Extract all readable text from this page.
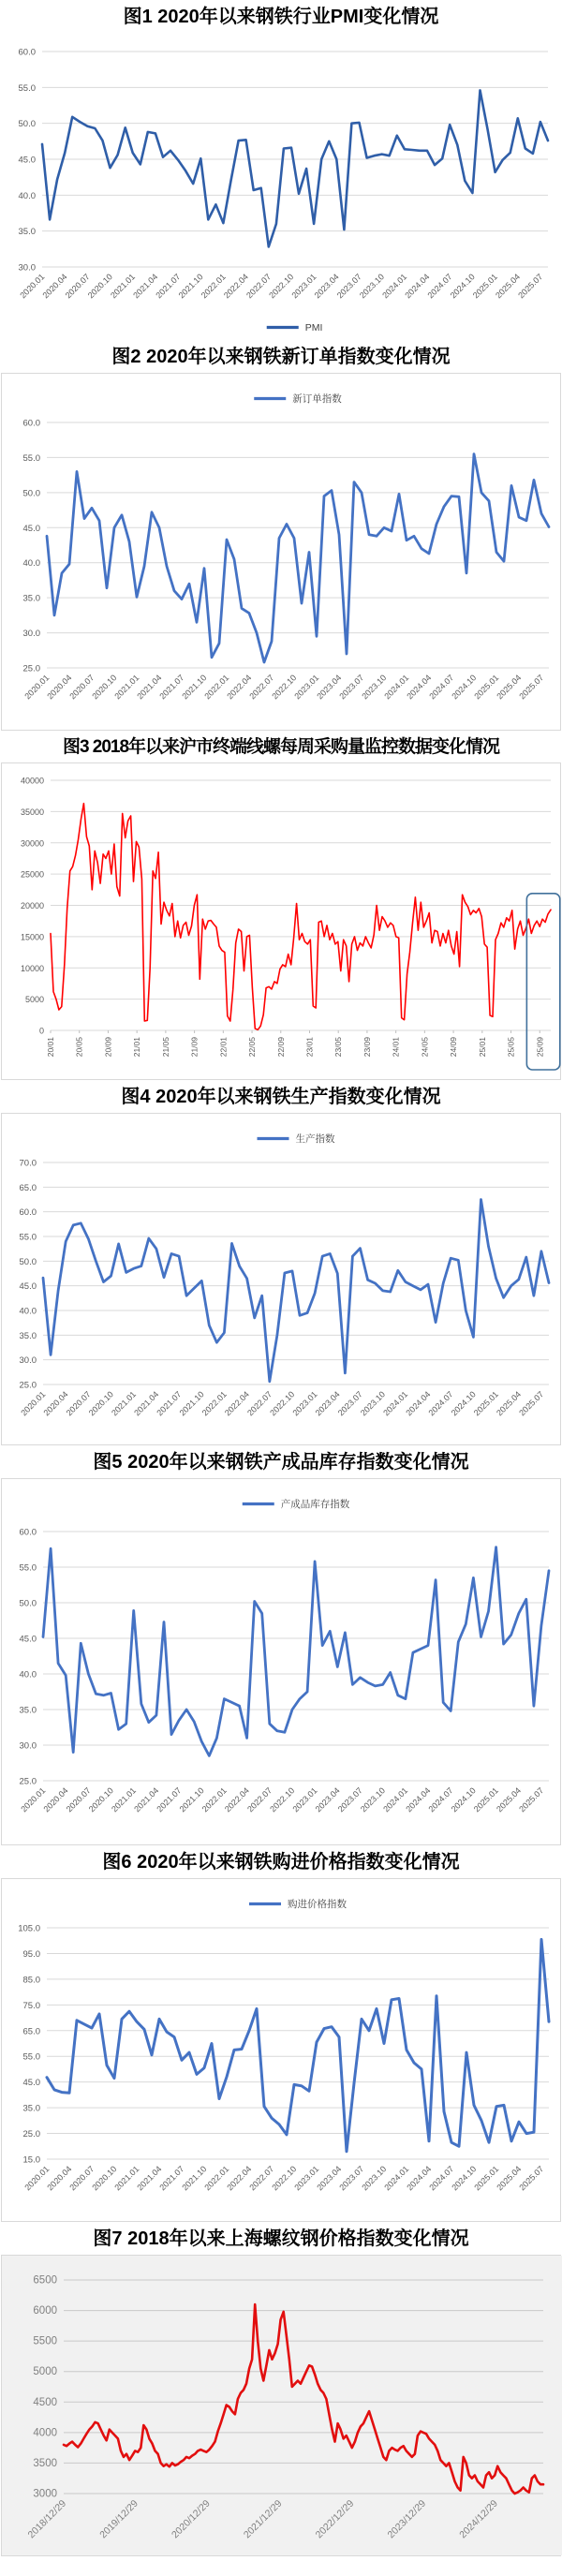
图1 2020年以来钢铁行业PMI变化情况
60.0
55.0
50.0
45.0
40.0
35.0
30.0
2020.01
2020.04
2020.07
2020.10
2021.01
2021.04
2021.07
2021.10
2022.01
2022.04
2022.07
2022.10
2023.01
2023.04
2023.07
2023.10
2024.01
2024.04
2024.07
2024.10
2025.01
2025.04
2025.07
PMI
图2 2020年以来钢铁新订单指数变化情况
60.0
55.0
50.0
45.0
40.0
35.0
30.0
25.0
2020.01
2020.04
2020.07
2020.10
2021.01
2021.04
2021.07
2021.10
2022.01
2022.04
2022.07
2022.10
2023.01
2023.04
2023.07
2023.10
2024.01
2024.04
2024.07
2024.10
2025.01
2025.04
2025.07
新订单指数
图3 2018年以来沪市终端线螺每周采购量监控数据变化情况
40000
35000
30000
25000
20000
15000
10000
5000
0
20/01 20/05 20/09 21/01 21/05 21/09 22/01 22/05 22/09 23/01 23/05 23/09 24/01 24/05 24/09 25/01 25/05 25/09
图4 2020年以来钢铁生产指数变化情况
70.0
65.0
60.0
55.0
50.0
45.0
40.0
35.0
30.0
25.0
2020.01
2020.04
2020.07
2020.10
2021.01
2021.04
2021.07
2021.10
2022.01
2022.04
2022.07
2022.10
2023.01
2023.04
2023.07
2023.10
2024.01
2024.04
2024.07
2024.10
2025.01
2025.04
2025.07
生产指数
图5 2020年以来钢铁产成品库存指数变化情况
60.0
55.0
50.0
45.0
40.0
35.0
30.0
25.0
2020.01
2020.04
2020.07
2020.10
2021.01
2021.04
2021.07
2021.10
2022.01
2022.04
2022.07
2022.10
2023.01
2023.04
2023.07
2023.10
2024.01
2024.04
2024.07
2024.10
2025.01
2025.04
2025.07
产成品库存指数
图6 2020年以来钢铁购进价格指数变化情况
105.0
95.0
85.0
75.0
65.0
55.0
45.0
35.0
25.0
15.0
2020.01
2020.04
2020.07
2020.10
2021.01
2021.04
2021.07
2021.10
2022.01
2022.04
2022.07
2022.10
2023.01
2023.04
2023.07
2023.10
2024.01
2024.04
2024.07
2024.10
2025.01
2025.04
2025.07
购进价格指数
图7 2018年以来上海螺纹钢价格指数变化情况
6500
6000
5500
5000
4500
4000
3500
3000
2018/12/29	2019/12/29	2020/12/29	2021/12/29	2022/12/29	2023/12/29	2024/12/29
